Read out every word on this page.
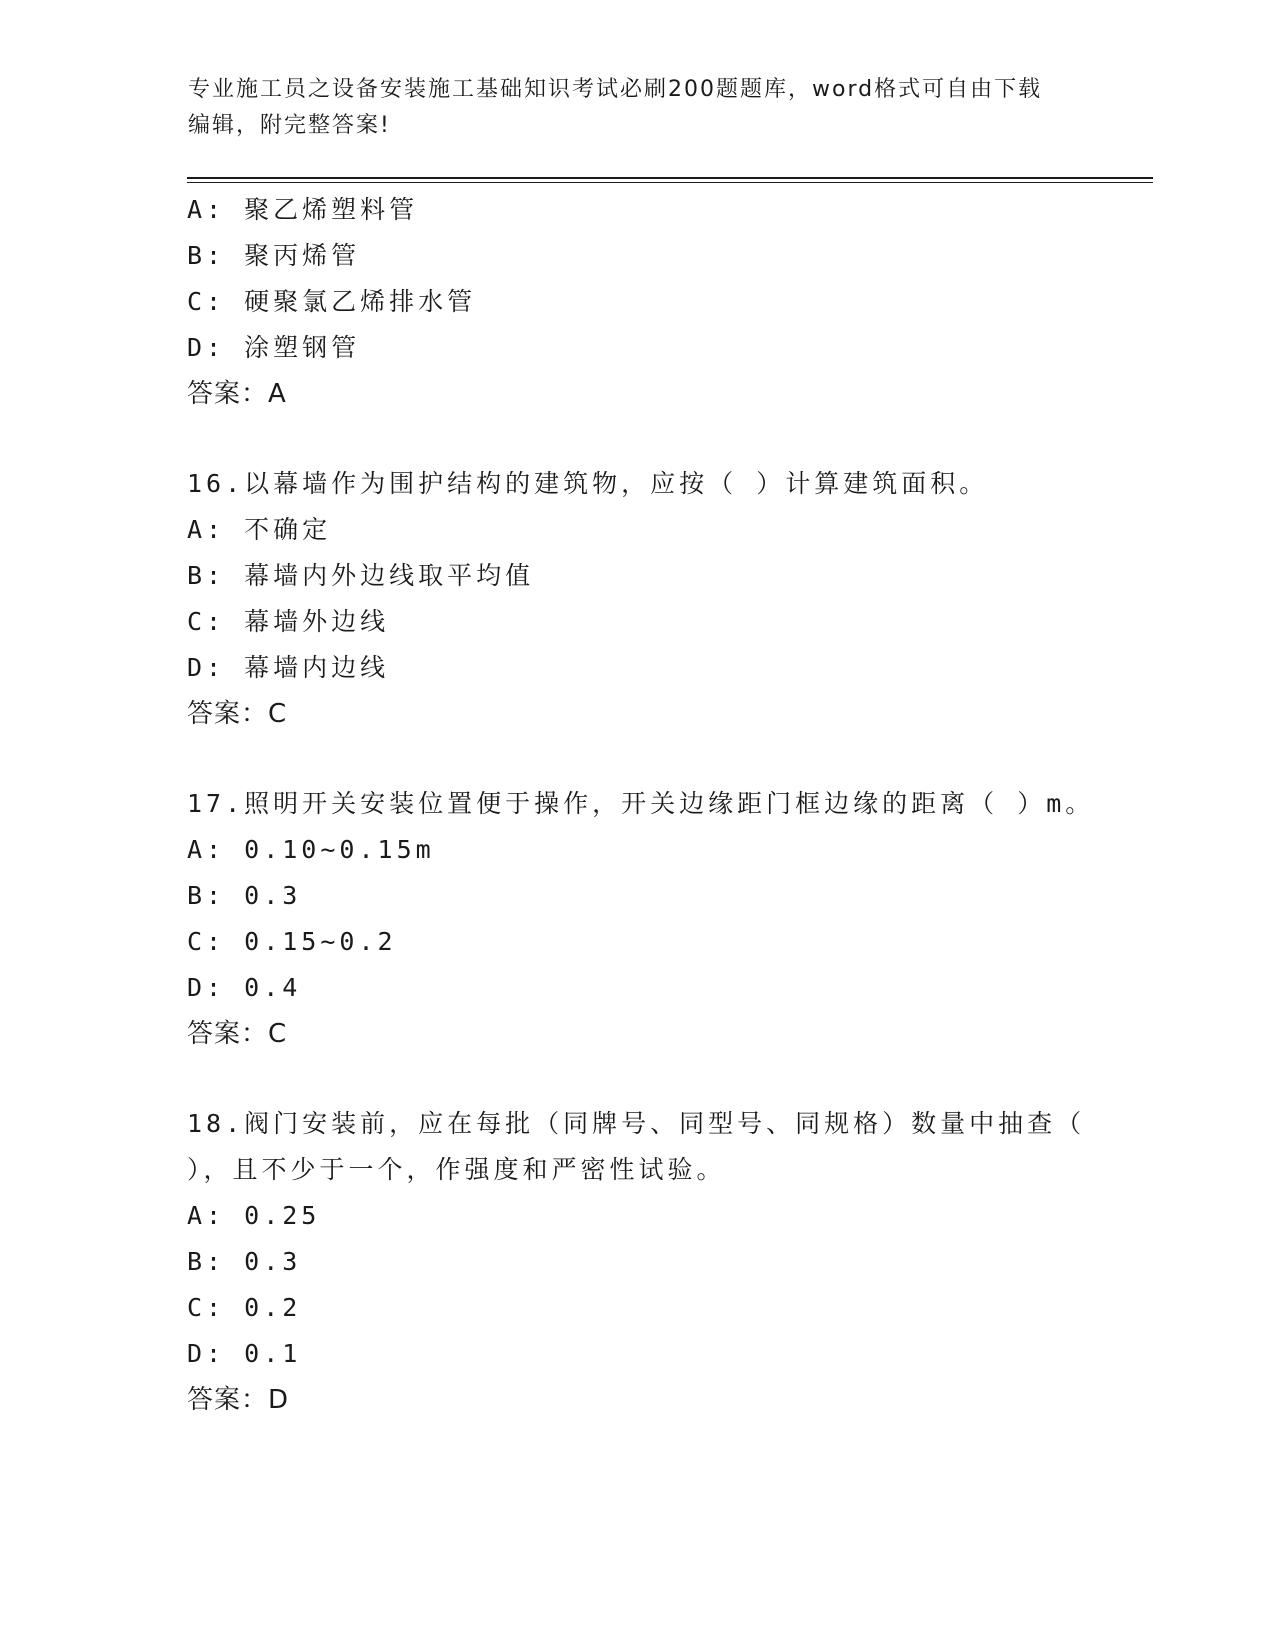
专业施工员之设备安装施工基础知识考试必刷200题题库，word格式可自由下载
编辑，附完整答案!
A: 聚乙烯塑料管
B: 聚丙烯管
C: 硬聚氯乙烯排水管
D: 涂塑钢管
答案：A
16.以幕墙作为围护结构的建筑物，应按（ ）计算建筑面积。
A: 不确定
B: 幕墙内外边线取平均值
C: 幕墙外边线
D: 幕墙内边线
答案：C
17.照明开关安装位置便于操作，开关边缘距门框边缘的距离（ ）m。
A: 0.10~0.15m
B: 0.3
C: 0.15~0.2
D: 0.4
答案：C
18.阀门安装前，应在每批（同牌号、同型号、同规格）数量中抽查（
），且不少于一个，作强度和严密性试验。
A: 0.25
B: 0.3
C: 0.2
D: 0.1
答案：D
